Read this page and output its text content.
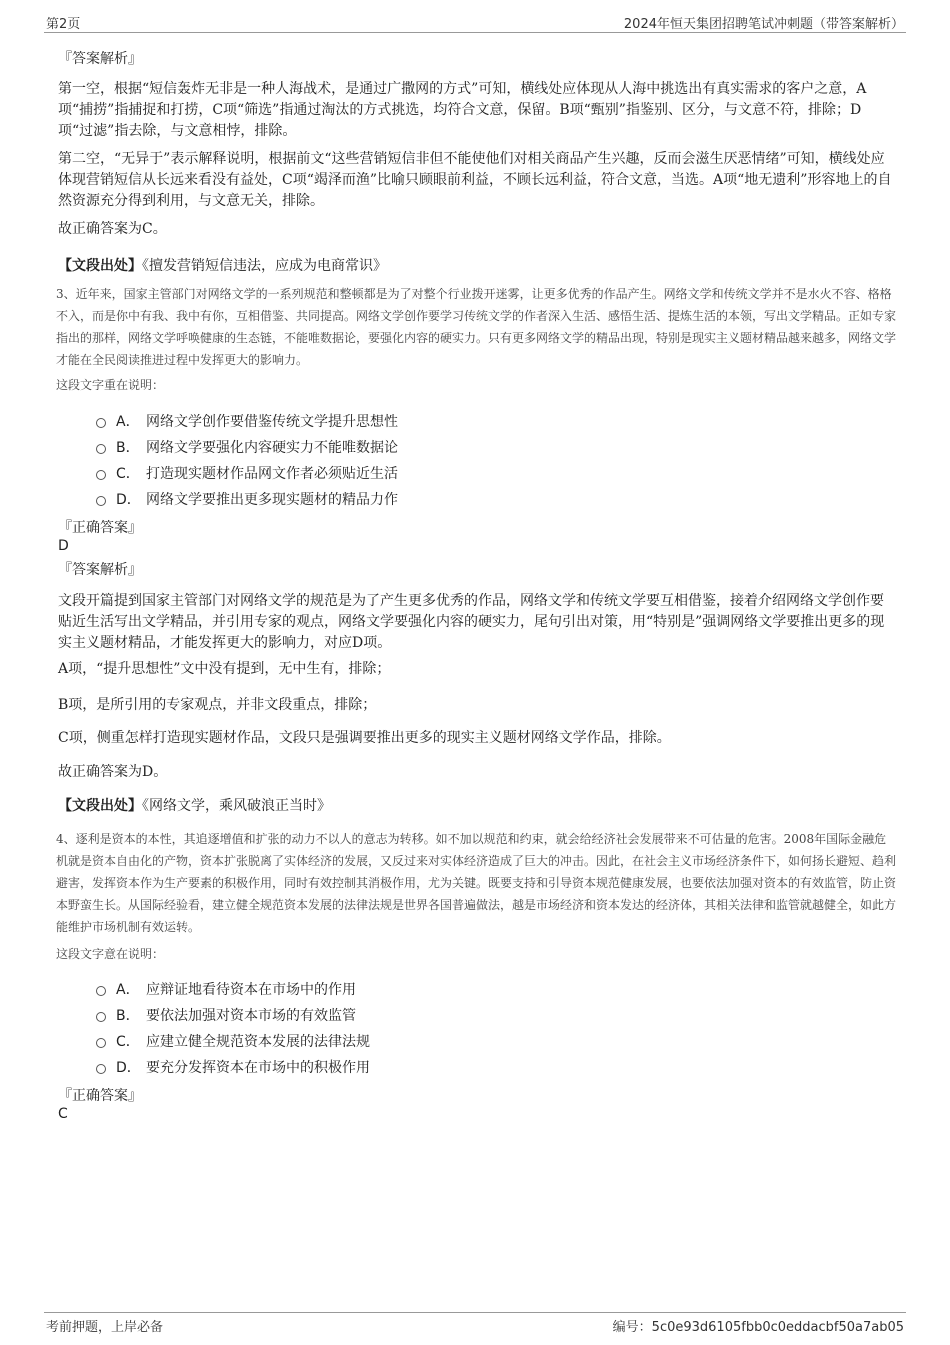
第2页	2024年恒天集团招聘笔试冲刺题（带答案解析）
『答案解析』
第一空，根据“短信轰炸无非是一种人海战术，是通过广撒网的方式”可知，横线处应体现从人海中挑选出有真实需求的客户之意，A项“捕捞”指捕捉和打捞，C项“筛选”指通过淘汰的方式挑选，均符合文意，保留。B项“甄别”指鉴别、区分，与文意不符，排除；D项“过滤”指去除，与文意相悖，排除。
第二空，“无异于”表示解释说明，根据前文“这些营销短信非但不能使他们对相关商品产生兴趣，反而会滋生厌恶情绪”可知，横线处应体现营销短信从长远来看没有益处，C项“竭泽而渔”比喻只顾眼前利益，不顾长远利益，符合文意，当选。A项“地无遗利”形容地上的自然资源充分得到利用，与文意无关，排除。
故正确答案为C。
【文段出处】《擅发营销短信违法，应成为电商常识》
3、近年来，国家主管部门对网络文学的一系列规范和整顿都是为了对整个行业拨开迷雾，让更多优秀的作品产生。网络文学和传统文学并不是水火不容、格格不入，而是你中有我、我中有你，互相借鉴、共同提高。网络文学创作要学习传统文学的作者深入生活、感悟生活、提炼生活的本领，写出文学精品。正如专家指出的那样，网络文学呼唤健康的生态链，不能唯数据论，要强化内容的硬实力。只有更多网络文学的精品出现，特别是现实主义题材精品越来越多，网络文学才能在全民阅读推进过程中发挥更大的影响力。
这段文字重在说明：
A． 网络文学创作要借鉴传统文学提升思想性
B． 网络文学要强化内容硬实力不能唯数据论
C． 打造现实题材作品网文作者必须贴近生活
D． 网络文学要推出更多现实题材的精品力作
『正确答案』
D
『答案解析』
文段开篇提到国家主管部门对网络文学的规范是为了产生更多优秀的作品，网络文学和传统文学要互相借鉴，接着介绍网络文学创作要贴近生活写出文学精品，并引用专家的观点，网络文学要强化内容的硬实力，尾句引出对策，用“特别是”强调网络文学要推出更多的现实主义题材精品，才能发挥更大的影响力，对应D项。
A项，“提升思想性”文中没有提到，无中生有，排除；
B项，是所引用的专家观点，并非文段重点，排除；
C项，侧重怎样打造现实题材作品，文段只是强调要推出更多的现实主义题材网络文学作品，排除。
故正确答案为D。
【文段出处】《网络文学，乘风破浪正当时》
4、逐利是资本的本性，其追逐增值和扩张的动力不以人的意志为转移。如不加以规范和约束，就会给经济社会发展带来不可估量的危害。2008年国际金融危机就是资本自由化的产物，资本扩张脱离了实体经济的发展，又反过来对实体经济造成了巨大的冲击。因此，在社会主义市场经济条件下，如何扬长避短、趋利避害，发挥资本作为生产要素的积极作用，同时有效控制其消极作用，尤为关键。既要支持和引导资本规范健康发展，也要依法加强对资本的有效监管，防止资本野蛮生长。从国际经验看，建立健全规范资本发展的法律法规是世界各国普遍做法，越是市场经济和资本发达的经济体，其相关法律和监管就越健全，如此方能维护市场机制有效运转。
这段文字意在说明：
A． 应辩证地看待资本在市场中的作用
B． 要依法加强对资本市场的有效监管
C． 应建立健全规范资本发展的法律法规
D． 要充分发挥资本在市场中的积极作用
『正确答案』
C
考前押题，上岸必备	编号：5c0e93d6105fbb0c0eddacbf50a7ab05
